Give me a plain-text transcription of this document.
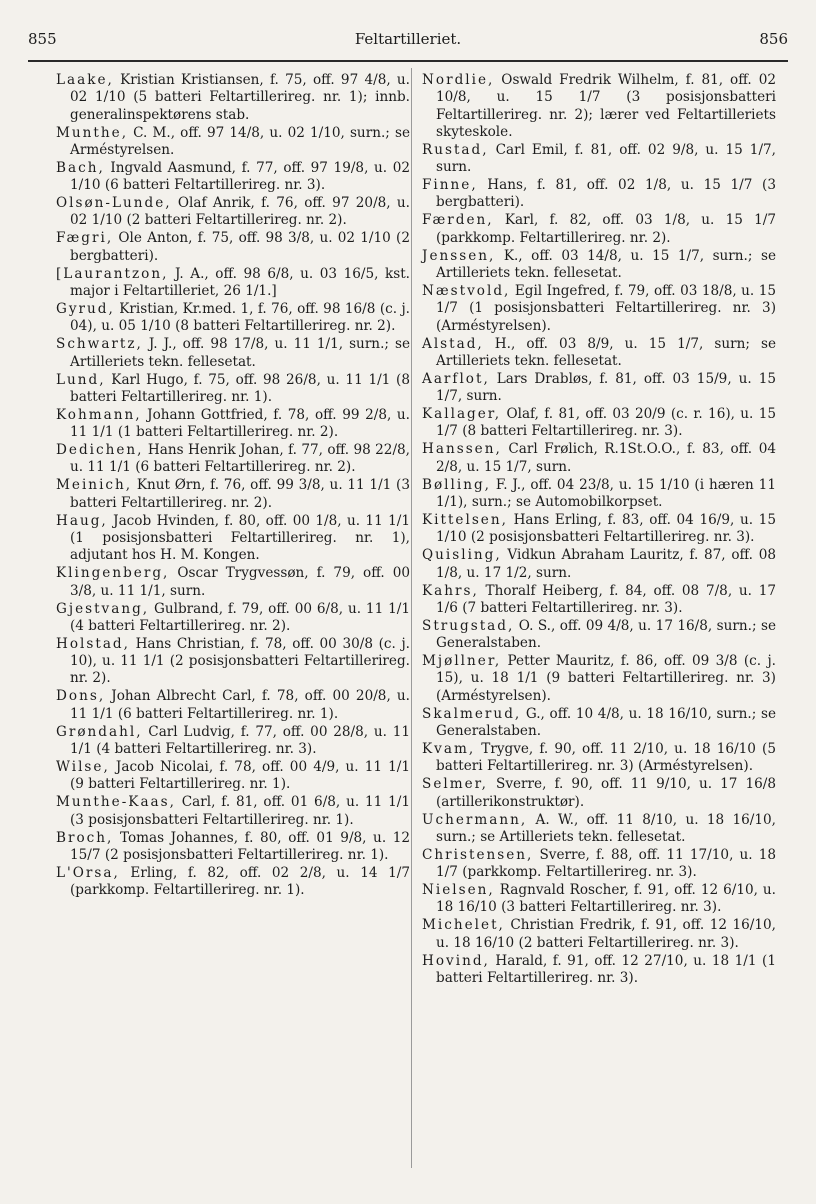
855	Feltartilleriet.	856

Laake, Kristian Kristiansen, f. 75, off. 97 4/8, u. 02 1/10 (5 batteri Feltartillerireg. nr. 1); innb. generalinspektørens stab.

Munthe, C. M., off. 97 14/8, u. 02 1/10, surn.; se Arméstyrelsen.

Bach, Ingvald Aasmund, f. 77, off. 97 19/8, u. 02 1/10 (6 batteri Feltartillerireg. nr. 3).

Olsøn-Lunde, Olaf Anrik, f. 76, off. 97 20/8, u. 02 1/10 (2 batteri Feltartillerireg. nr. 2).

Fægri, Ole Anton, f. 75, off. 98 3/8, u. 02 1/10 (2 bergbatteri).

[Laurantzon, J. A., off. 98 6/8, u. 03 16/5, kst. major i Feltartilleriet, 26 1/1.]

Gyrud, Kristian, Kr.med. 1, f. 76, off. 98 16/8 (c. j. 04), u. 05 1/10 (8 batteri Feltartillerireg. nr. 2).

Schwartz, J. J., off. 98 17/8, u. 11 1/1, surn.; se Artilleriets tekn. fellesetat.

Lund, Karl Hugo, f. 75, off. 98 26/8, u. 11 1/1 (8 batteri Feltartillerireg. nr. 1).

Kohmann, Johann Gottfried, f. 78, off. 99 2/8, u. 11 1/1 (1 batteri Feltartillerireg. nr. 2).

Dedichen, Hans Henrik Johan, f. 77, off. 98 22/8, u. 11 1/1 (6 batteri Feltartillerireg. nr. 2).

Meinich, Knut Ørn, f. 76, off. 99 3/8, u. 11 1/1 (3 batteri Feltartillerireg. nr. 2).

Haug, Jacob Hvinden, f. 80, off. 00 1/8, u. 11 1/1 (1 posisjonsbatteri Feltartillerireg. nr. 1), adjutant hos H. M. Kongen.

Klingenberg, Oscar Trygvessøn, f. 79, off. 00 3/8, u. 11 1/1, surn.

Gjestvang, Gulbrand, f. 79, off. 00 6/8, u. 11 1/1 (4 batteri Feltartillerireg. nr. 2).

Holstad, Hans Christian, f. 78, off. 00 30/8 (c. j. 10), u. 11 1/1 (2 posisjonsbatteri Feltartillerireg. nr. 2).

Dons, Johan Albrecht Carl, f. 78, off. 00 20/8, u. 11 1/1 (6 batteri Feltartillerireg. nr. 1).

Grøndahl, Carl Ludvig, f. 77, off. 00 28/8, u. 11 1/1 (4 batteri Feltartillerireg. nr. 3).

Wilse, Jacob Nicolai, f. 78, off. 00 4/9, u. 11 1/1 (9 batteri Feltartillerireg. nr. 1).

Munthe-Kaas, Carl, f. 81, off. 01 6/8, u. 11 1/1 (3 posisjonsbatteri Feltartillerireg. nr. 1).

Broch, Tomas Johannes, f. 80, off. 01 9/8, u. 12 15/7 (2 posisjonsbatteri Feltartillerireg. nr. 1).

L'Orsa, Erling, f. 82, off. 02 2/8, u. 14 1/7 (parkkomp. Feltartillerireg. nr. 1).

Nordlie, Oswald Fredrik Wilhelm, f. 81, off. 02 10/8, u. 15 1/7 (3 posisjonsbatteri Feltartillerireg. nr. 2); lærer ved Feltartilleriets skyteskole.

Rustad, Carl Emil, f. 81, off. 02 9/8, u. 15 1/7, surn.

Finne, Hans, f. 81, off. 02 1/8, u. 15 1/7 (3 bergbatteri).

Færden, Karl, f. 82, off. 03 1/8, u. 15 1/7 (parkkomp. Feltartillerireg. nr. 2).

Jenssen, K., off. 03 14/8, u. 15 1/7, surn.; se Artilleriets tekn. fellesetat.

Næstvold, Egil Ingefred, f. 79, off. 03 18/8, u. 15 1/7 (1 posisjonsbatteri Feltartillerireg. nr. 3) (Arméstyrelsen).

Alstad, H., off. 03 8/9, u. 15 1/7, surn; se Artilleriets tekn. fellesetat.

Aarflot, Lars Drabløs, f. 81, off. 03 15/9, u. 15 1/7, surn.

Kallager, Olaf, f. 81, off. 03 20/9 (c. r. 16), u. 15 1/7 (8 batteri Feltartillerireg. nr. 3).

Hanssen, Carl Frølich, R.1St.O.O., f. 83, off. 04 2/8, u. 15 1/7, surn.

Bølling, F. J., off. 04 23/8, u. 15 1/10 (i hæren 11 1/1), surn.; se Automobilkorpset.

Kittelsen, Hans Erling, f. 83, off. 04 16/9, u. 15 1/10 (2 posisjonsbatteri Feltartillerireg. nr. 3).

Quisling, Vidkun Abraham Lauritz, f. 87, off. 08 1/8, u. 17 1/2, surn.

Kahrs, Thoralf Heiberg, f. 84, off. 08 7/8, u. 17 1/6 (7 batteri Feltartillerireg. nr. 3).

Strugstad, O. S., off. 09 4/8, u. 17 16/8, surn.; se Generalstaben.

Mjøllner, Petter Mauritz, f. 86, off. 09 3/8 (c. j. 15), u. 18 1/1 (9 batteri Feltartillerireg. nr. 3) (Arméstyrelsen).

Skalmerud, G., off. 10 4/8, u. 18 16/10, surn.; se Generalstaben.

Kvam, Trygve, f. 90, off. 11 2/10, u. 18 16/10 (5 batteri Feltartillerireg. nr. 3) (Arméstyrelsen).

Selmer, Sverre, f. 90, off. 11 9/10, u. 17 16/8 (artillerikonstruktør).

Uchermann, A. W., off. 11 8/10, u. 18 16/10, surn.; se Artilleriets tekn. fellesetat.

Christensen, Sverre, f. 88, off. 11 17/10, u. 18 1/7 (parkkomp. Feltartillerireg. nr. 3).

Nielsen, Ragnvald Roscher, f. 91, off. 12 6/10, u. 18 16/10 (3 batteri Feltartillerireg. nr. 3).

Michelet, Christian Fredrik, f. 91, off. 12 16/10, u. 18 16/10 (2 batteri Feltartillerireg. nr. 3).

Hovind, Harald, f. 91, off. 12 27/10, u. 18 1/1 (1 batteri Feltartillerireg. nr. 3).
